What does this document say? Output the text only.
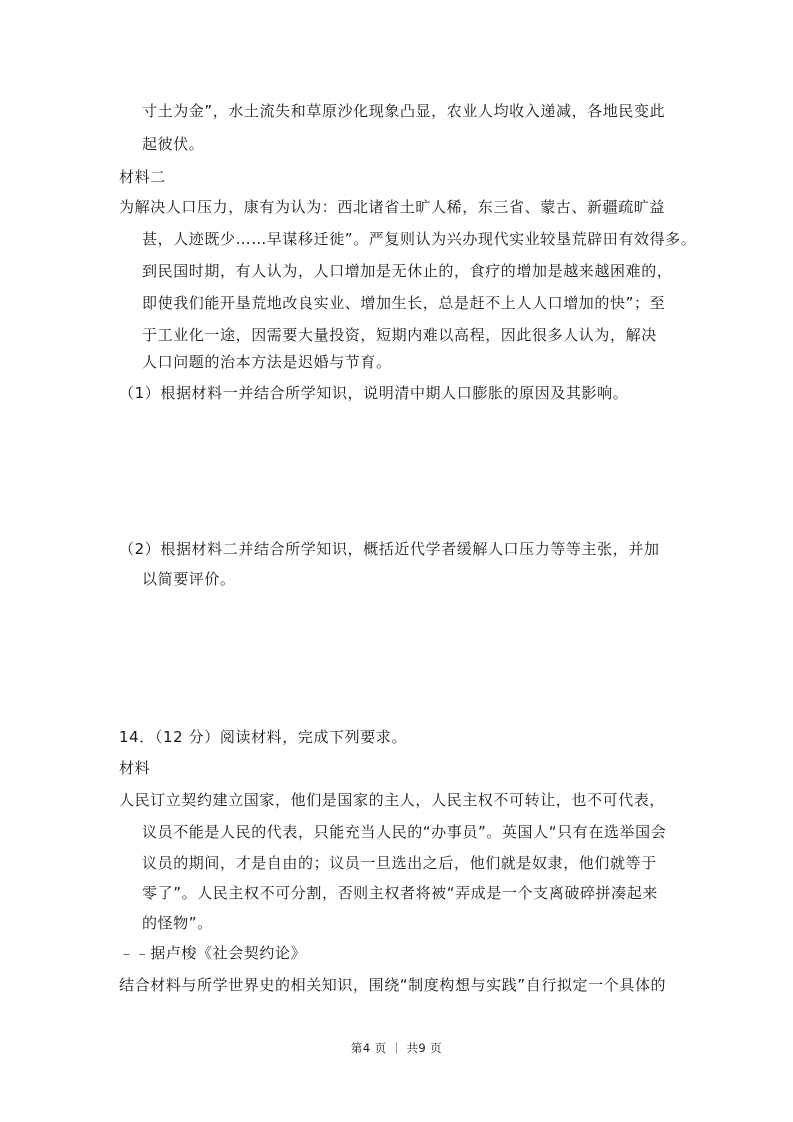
寸土为金”，水土流失和草原沙化现象凸显，农业人均收入递减，各地民变此
起彼伏。
材料二
为解决人口压力，康有为认为：西北诸省土旷人稀，东三省、蒙古、新疆疏旷益
甚，人迹既少……早谋移迁徙”。严复则认为兴办现代实业较垦荒辟田有效得多。
到民国时期，有人认为，人口增加是无休止的，食疗的增加是越来越困难的，
即使我们能开垦荒地改良实业、增加生长，总是赶不上人人口增加的快”；至
于工业化一途，因需要大量投资，短期内难以高程，因此很多人认为，解决
人口问题的治本方法是迟婚与节育。
（1）根据材料一并结合所学知识，说明清中期人口膨胀的原因及其影响。
（2）根据材料二并结合所学知识，概括近代学者缓解人口压力等等主张，并加
以简要评价。
14．（12 分）阅读材料，完成下列要求。
材料
人民订立契约建立国家，他们是国家的主人，人民主权不可转让，也不可代表，
议员不能是人民的代表，只能充当人民的“办事员”。英国人“只有在选举国会
议员的期间，才是自由的；议员一旦选出之后，他们就是奴隶，他们就等于
零了”。人民主权不可分割，否则主权者将被“弄成是一个支离破碎拼凑起来
的怪物”。
﹣﹣据卢梭《社会契约论》
结合材料与所学世界史的相关知识，围绕“制度构想与实践”自行拟定一个具体的
第4 页 ｜ 共9 页
